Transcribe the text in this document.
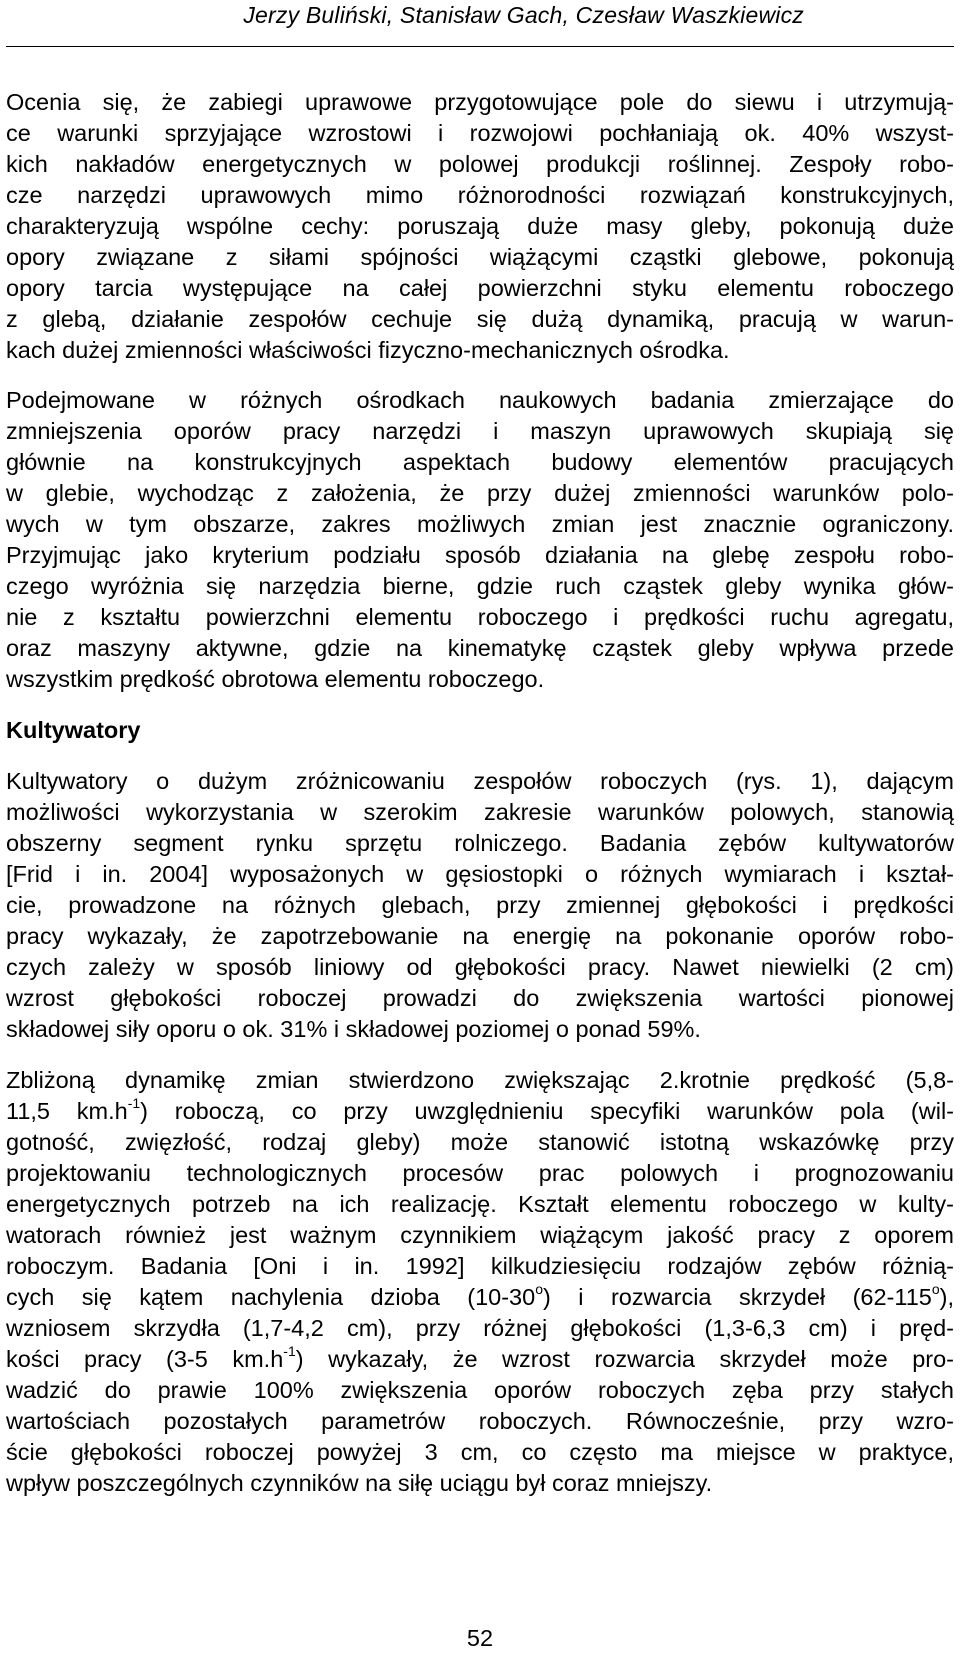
Jerzy Buliński, Stanisław Gach, Czesław Waszkiewicz
Ocenia się, że zabiegi uprawowe przygotowujące pole do siewu i utrzymują-
ce warunki sprzyjające wzrostowi i rozwojowi pochłaniają ok. 40% wszyst-
kich nakładów energetycznych w polowej produkcji roślinnej. Zespoły robo-
cze narzędzi uprawowych mimo różnorodności rozwiązań konstrukcyjnych,
charakteryzują wspólne cechy: poruszają duże masy gleby, pokonują duże
opory związane z siłami spójności wiążącymi cząstki glebowe, pokonują
opory tarcia występujące na całej powierzchni styku elementu roboczego
z glebą, działanie zespołów cechuje się dużą dynamiką, pracują w warun-
kach dużej zmienności właściwości fizyczno-mechanicznych ośrodka.
Podejmowane w różnych ośrodkach naukowych badania zmierzające do
zmniejszenia oporów pracy narzędzi i maszyn uprawowych skupiają się
głównie na konstrukcyjnych aspektach budowy elementów pracujących
w glebie, wychodząc z założenia, że przy dużej zmienności warunków polo-
wych w tym obszarze, zakres możliwych zmian jest znacznie ograniczony.
Przyjmując jako kryterium podziału sposób działania na glebę zespołu robo-
czego wyróżnia się narzędzia bierne, gdzie ruch cząstek gleby wynika głów-
nie z kształtu powierzchni elementu roboczego i prędkości ruchu agregatu,
oraz maszyny aktywne, gdzie na kinematykę cząstek gleby wpływa przede
wszystkim prędkość obrotowa elementu roboczego.
Kultywatory
Kultywatory o dużym zróżnicowaniu zespołów roboczych (rys. 1), dającym
możliwości wykorzystania w szerokim zakresie warunków polowych, stanowią
obszerny segment rynku sprzętu rolniczego. Badania zębów kultywatorów
[Frid i in. 2004] wyposażonych w gęsiostopki o różnych wymiarach i kształ-
cie, prowadzone na różnych glebach, przy zmiennej głębokości i prędkości
pracy wykazały, że zapotrzebowanie na energię na pokonanie oporów robo-
czych zależy w sposób liniowy od głębokości pracy. Nawet niewielki (2 cm)
wzrost głębokości roboczej prowadzi do zwiększenia wartości pionowej
składowej siły oporu o ok. 31% i składowej poziomej o ponad 59%.
Zbliżoną dynamikę zmian stwierdzono zwiększając 2.krotnie prędkość (5,8-
11,5 $km.h^{-1}$) roboczą, co przy uwzględnieniu specyfiki warunków pola (wil-
gotność, zwięzłość, rodzaj gleby) może stanowić istotną wskazówkę przy
projektowaniu technologicznych procesów prac polowych i prognozowaniu
energetycznych potrzeb na ich realizację. Kształt elementu roboczego w kulty-
watorach również jest ważnym czynnikiem wiążącym jakość pracy z oporem
roboczym. Badania [Oni i in. 1992] kilkudziesięciu rodzajów zębów różnią-
cych się kątem nachylenia dzioba (10-30$^o$) i rozwarcia skrzydeł (62-115$^o$),
wzniosem skrzydła (1,7-4,2 cm), przy różnej głębokości (1,3-6,3 cm) i pręd-
kości pracy (3-5 $km.h^{-1}$) wykazały, że wzrost rozwarcia skrzydeł może pro-
wadzić do prawie 100% zwiększenia oporów roboczych zęba przy stałych
wartościach pozostałych parametrów roboczych. Równocześnie, przy wzro-
ście głębokości roboczej powyżej 3 cm, co często ma miejsce w praktyce,
wpływ poszczególnych czynników na siłę uciągu był coraz mniejszy.
52
